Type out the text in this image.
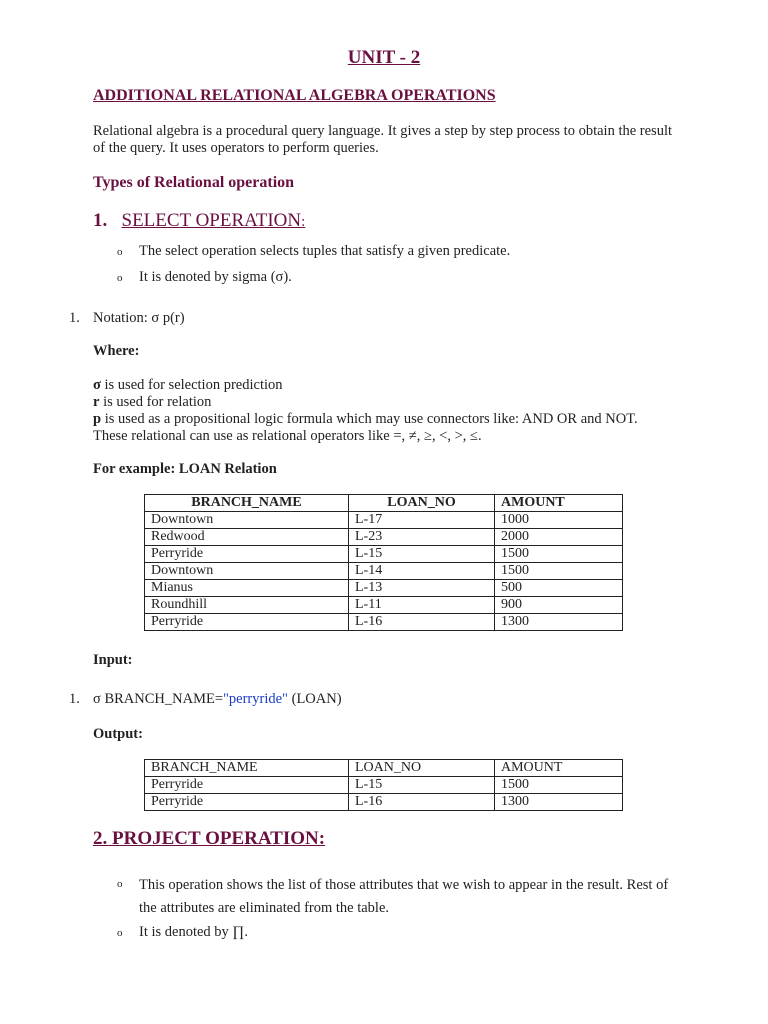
UNIT - 2
ADDITIONAL RELATIONAL ALGEBRA OPERATIONS
Relational algebra is a procedural query language. It gives a step by step process to obtain the result of the query. It uses operators to perform queries.
Types of Relational operation
1. SELECT OPERATION:
o The select operation selects tuples that satisfy a given predicate.
o It is denoted by sigma (σ).
1. Notation: σ p(r)
Where:
σ is used for selection prediction
r is used for relation
p is used as a propositional logic formula which may use connectors like: AND OR and NOT. These relational can use as relational operators like =, ≠, ≥, <, >, ≤.
For example: LOAN Relation
BRANCH_NAME	LOAN_NO	AMOUNT
Downtown	L-17	1000
Redwood	L-23	2000
Perryride	L-15	1500
Downtown	L-14	1500
Mianus	L-13	500
Roundhill	L-11	900
Perryride	L-16	1300
Input:
1. σ BRANCH_NAME="perryride" (LOAN)
Output:
BRANCH_NAME	LOAN_NO	AMOUNT
Perryride	L-15	1500
Perryride	L-16	1300
2. PROJECT OPERATION:
o This operation shows the list of those attributes that we wish to appear in the result. Rest of the attributes are eliminated from the table.
o It is denoted by ∏.
